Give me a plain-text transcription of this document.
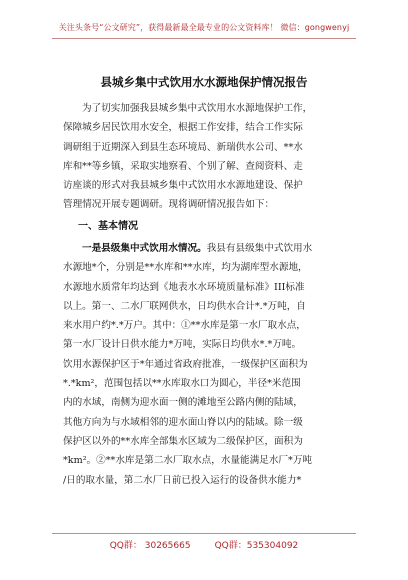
关注头条号“公文研究”，获得最新最全最专业的公文资料库！ 微信：gongwenyj
县城乡集中式饮用水水源地保护情况报告
为了切实加强我县城乡集中式饮用水水源地保护工作，
保障城乡居民饮用水安全，根据工作安排，结合工作实际
调研组于近期深入到县生态环境局、新瑞供水公司、**水
库和**等乡镇，采取实地察看、个别了解、查阅资料、走
访座谈的形式对我县城乡集中式饮用水水源地建设、保护
管理情况开展专题调研。现将调研情况报告如下：
一、基本情况
一是县级集中式饮用水情况。我县有县级集中式饮用水
水源地*个，分别是**水库和**水库，均为湖库型水源地，
水源地水质常年均达到《地表水水环境质量标准》III标准
以上。第一、二水厂联网供水，日均供水合计*.*万吨，自
来水用户约*.*万户。其中：①**水库是第一水厂取水点，
第一水厂设计日供水能力*万吨，实际日均供水*.*万吨。
饮用水源保护区于*年通过省政府批准，一级保护区面积为
*.*km²，范围包括以**水库取水口为圆心，半径*米范围
内的水域，南侧为迎水面一侧的滩地至公路内侧的陆域，
其他方向为与水域相邻的迎水面山脊以内的陆域。除一级
保护区以外的**水库全部集水区域为二级保护区，面积为
*km²。②**水库是第二水厂取水点，水量能满足水厂*万吨
/日的取水量，第二水厂日前已投入运行的设备供水能力*
QQ群： 30265665	QQ群：535304092
